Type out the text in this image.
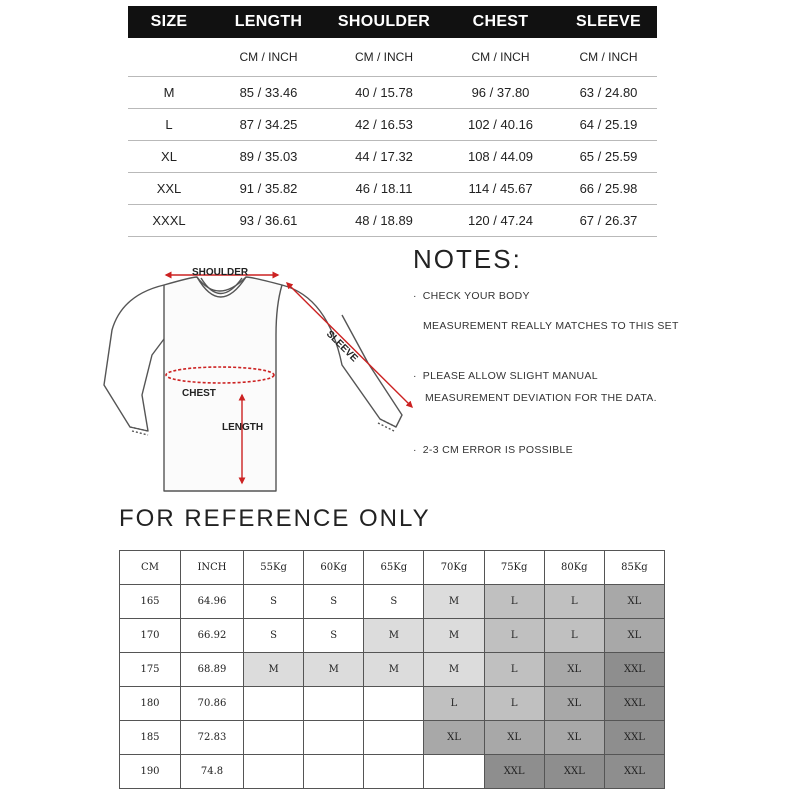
SIZE	LENGTH	SHOULDER	CHEST	SLEEVE
	CM / INCH	CM / INCH	CM / INCH	CM / INCH
M	85 / 33.46	40 / 15.78	96 / 37.80	63 / 24.80
L	87 / 34.25	42 / 16.53	102 / 40.16	64 / 25.19
XL	89 / 35.03	44 / 17.32	108 / 44.09	65 / 25.59
XXL	91 / 35.82	46 / 18.11	114 / 45.67	66 / 25.98
XXXL	93 / 36.61	48 / 18.89	120 / 47.24	67 / 26.37
SHOULDER
SLEEVE
CHEST
LENGTH
NOTES:
· CHECK YOUR BODY
MEASUREMENT REALLY MATCHES TO THIS SET
· PLEASE ALLOW SLIGHT MANUAL
MEASUREMENT DEVIATION FOR THE DATA.
· 2-3 CM ERROR IS POSSIBLE
FOR REFERENCE ONLY
CM	INCH	55Kg	60Kg	65Kg	70Kg	75Kg	80Kg	85Kg
165	64.96	S	S	S	M	L	L	XL
170	66.92	S	S	M	M	L	L	XL
175	68.89	M	M	M	M	L	XL	XXL
180	70.86				L	L	XL	XXL
185	72.83				XL	XL	XL	XXL
190	74.8					XXL	XXL	XXL
